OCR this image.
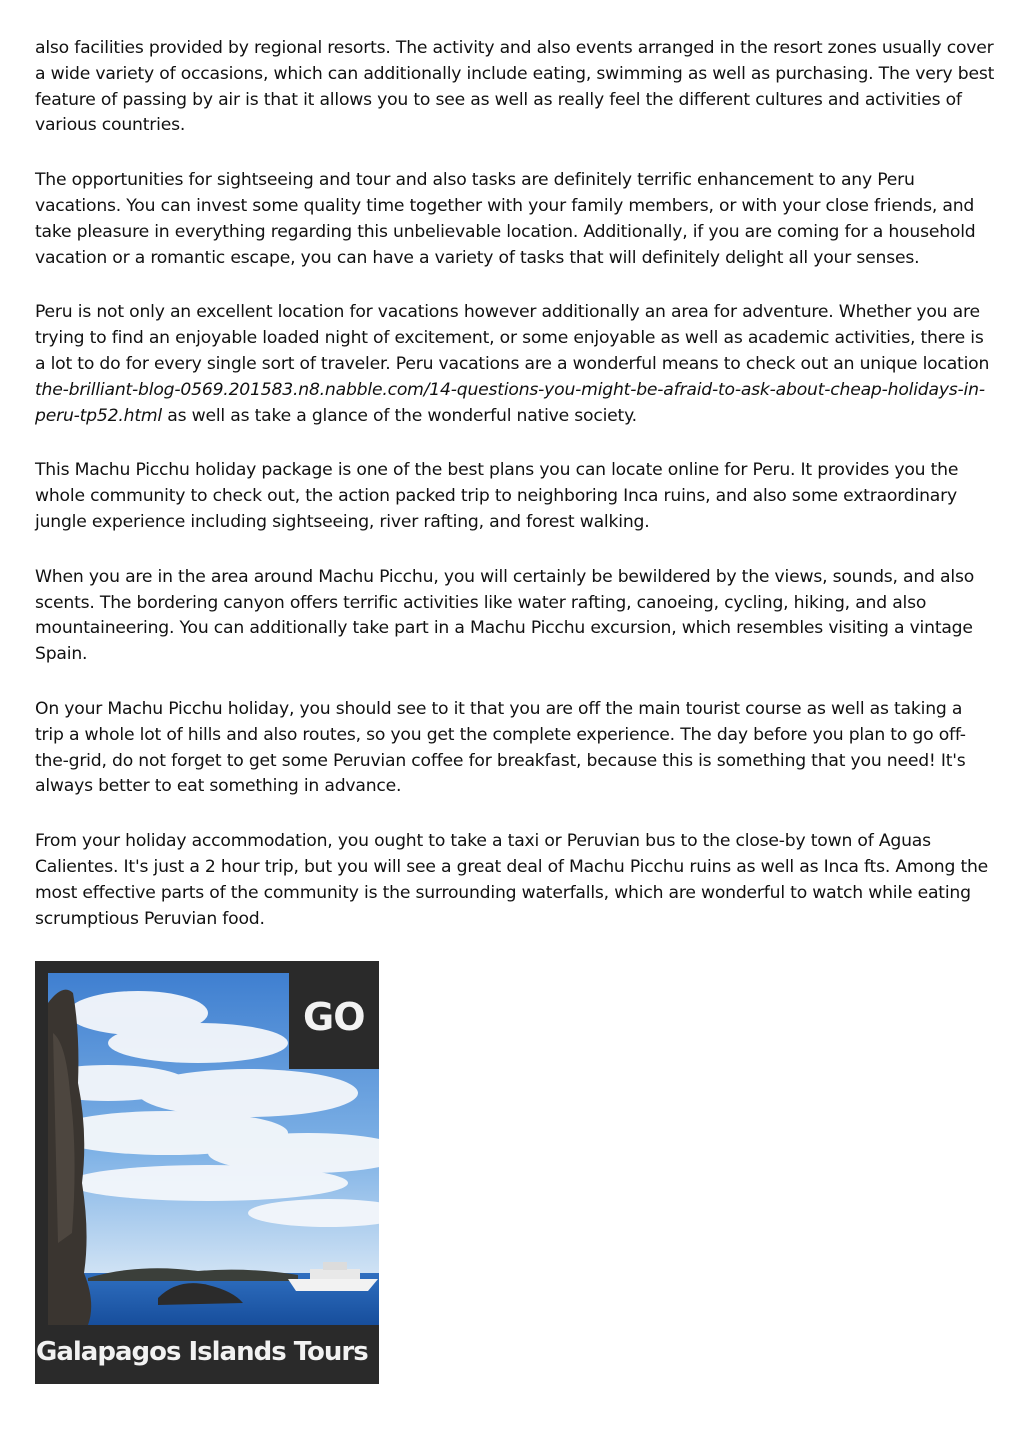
also facilities provided by regional resorts. The activity and also events arranged in the resort zones usually cover a wide variety of occasions, which can additionally include eating, swimming as well as purchasing. The very best feature of passing by air is that it allows you to see as well as really feel the different cultures and activities of various countries.

The opportunities for sightseeing and tour and also tasks are definitely terrific enhancement to any Peru vacations. You can invest some quality time together with your family members, or with your close friends, and take pleasure in everything regarding this unbelievable location. Additionally, if you are coming for a household vacation or a romantic escape, you can have a variety of tasks that will definitely delight all your senses.

Peru is not only an excellent location for vacations however additionally an area for adventure. Whether you are trying to find an enjoyable loaded night of excitement, or some enjoyable as well as academic activities, there is a lot to do for every single sort of traveler. Peru vacations are a wonderful means to check out an unique location the-brilliant-blog-0569.201583.n8.nabble.com/14-questions-you-might-be-afraid-to-ask-about-cheap-holidays-in-peru-tp52.html as well as take a glance of the wonderful native society.

This Machu Picchu holiday package is one of the best plans you can locate online for Peru. It provides you the whole community to check out, the action packed trip to neighboring Inca ruins, and also some extraordinary jungle experience including sightseeing, river rafting, and forest walking.

When you are in the area around Machu Picchu, you will certainly be bewildered by the views, sounds, and also scents. The bordering canyon offers terrific activities like water rafting, canoeing, cycling, hiking, and also mountaineering. You can additionally take part in a Machu Picchu excursion, which resembles visiting a vintage Spain.

On your Machu Picchu holiday, you should see to it that you are off the main tourist course as well as taking a trip a whole lot of hills and also routes, so you get the complete experience. The day before you plan to go off-the-grid, do not forget to get some Peruvian coffee for breakfast, because this is something that you need! It's always better to eat something in advance.

From your holiday accommodation, you ought to take a taxi or Peruvian bus to the close-by town of Aguas Calientes. It's just a 2 hour trip, but you will see a great deal of Machu Picchu ruins as well as Inca fts. Among the most effective parts of the community is the surrounding waterfalls, which are wonderful to watch while eating scrumptious Peruvian food.

GO
Galapagos Islands Tours
